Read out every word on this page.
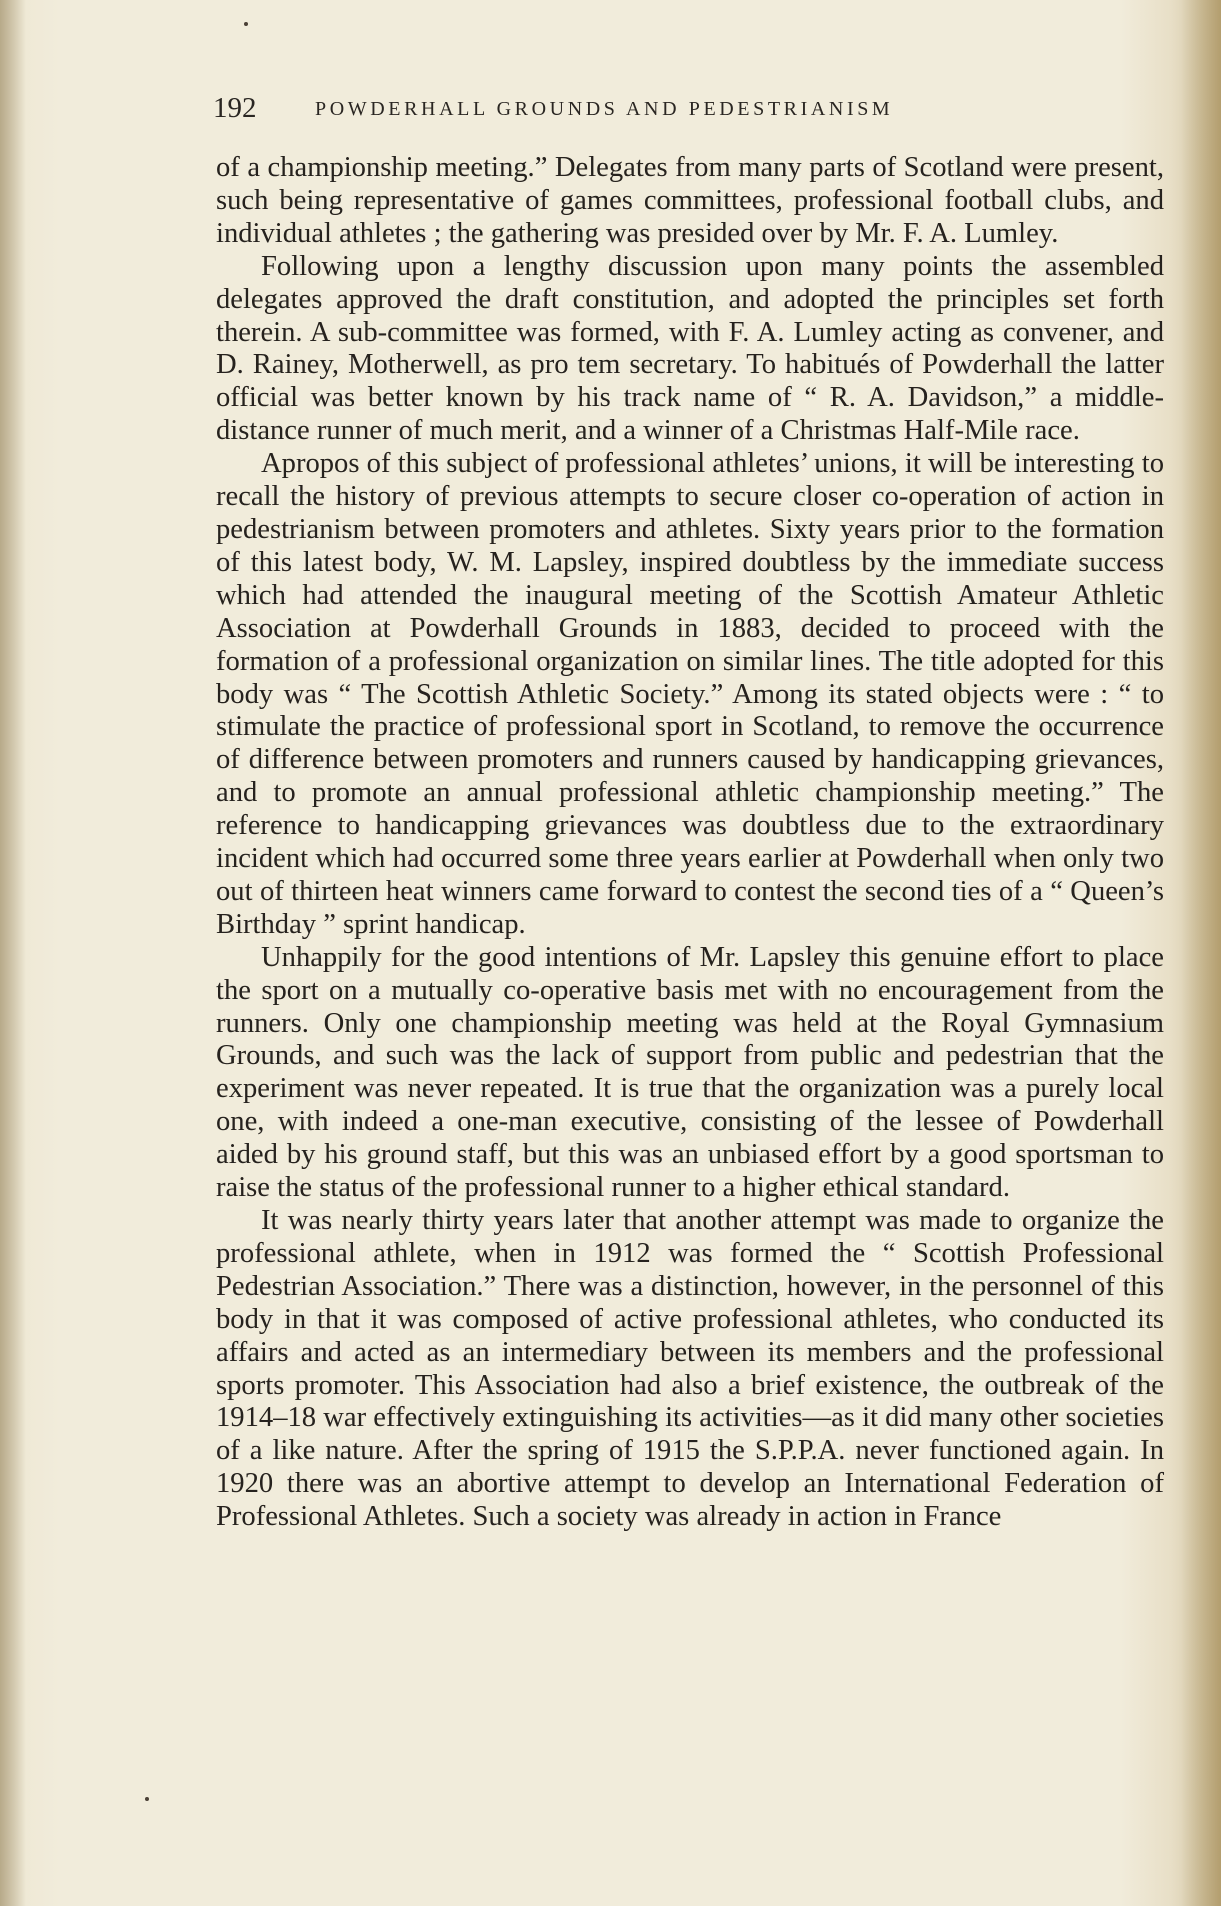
192	POWDERHALL GROUNDS AND PEDESTRIANISM

of a championship meeting.” Delegates from many parts of Scotland were present, such being representative of games committees, professional football clubs, and individual athletes ; the gathering was presided over by Mr. F. A. Lumley.

Following upon a lengthy discussion upon many points the assembled delegates approved the draft constitution, and adopted the principles set forth therein. A sub-committee was formed, with F. A. Lumley acting as convener, and D. Rainey, Motherwell, as pro tem secretary. To habitués of Powderhall the latter official was better known by his track name of “ R. A. Davidson,” a middle-distance runner of much merit, and a winner of a Christmas Half-Mile race.

Apropos of this subject of professional athletes’ unions, it will be interesting to recall the history of previous attempts to secure closer co-operation of action in pedestrianism between promoters and athletes. Sixty years prior to the formation of this latest body, W. M. Lapsley, inspired doubtless by the immediate success which had attended the inaugural meeting of the Scottish Amateur Athletic Association at Powderhall Grounds in 1883, decided to proceed with the formation of a professional organization on similar lines. The title adopted for this body was “ The Scottish Athletic Society.” Among its stated objects were : “ to stimulate the practice of professional sport in Scotland, to remove the occurrence of difference between promoters and runners caused by handicapping grievances, and to promote an annual professional athletic championship meeting.” The reference to handicapping grievances was doubtless due to the extraordinary incident which had occurred some three years earlier at Powderhall when only two out of thirteen heat winners came forward to contest the second ties of a “ Queen’s Birthday ” sprint handicap.

Unhappily for the good intentions of Mr. Lapsley this genuine effort to place the sport on a mutually co-operative basis met with no encouragement from the runners. Only one championship meeting was held at the Royal Gymnasium Grounds, and such was the lack of support from public and pedestrian that the experiment was never repeated. It is true that the organization was a purely local one, with indeed a one-man executive, consisting of the lessee of Powderhall aided by his ground staff, but this was an unbiased effort by a good sportsman to raise the status of the professional runner to a higher ethical standard.

It was nearly thirty years later that another attempt was made to organize the professional athlete, when in 1912 was formed the “ Scottish Professional Pedestrian Association.” There was a distinction, however, in the personnel of this body in that it was composed of active professional athletes, who conducted its affairs and acted as an intermediary between its members and the professional sports promoter. This Association had also a brief existence, the outbreak of the 1914–18 war effectively extinguishing its activities—as it did many other societies of a like nature. After the spring of 1915 the S.P.P.A. never functioned again. In 1920 there was an abortive attempt to develop an International Federation of Professional Athletes. Such a society was already in action in France
